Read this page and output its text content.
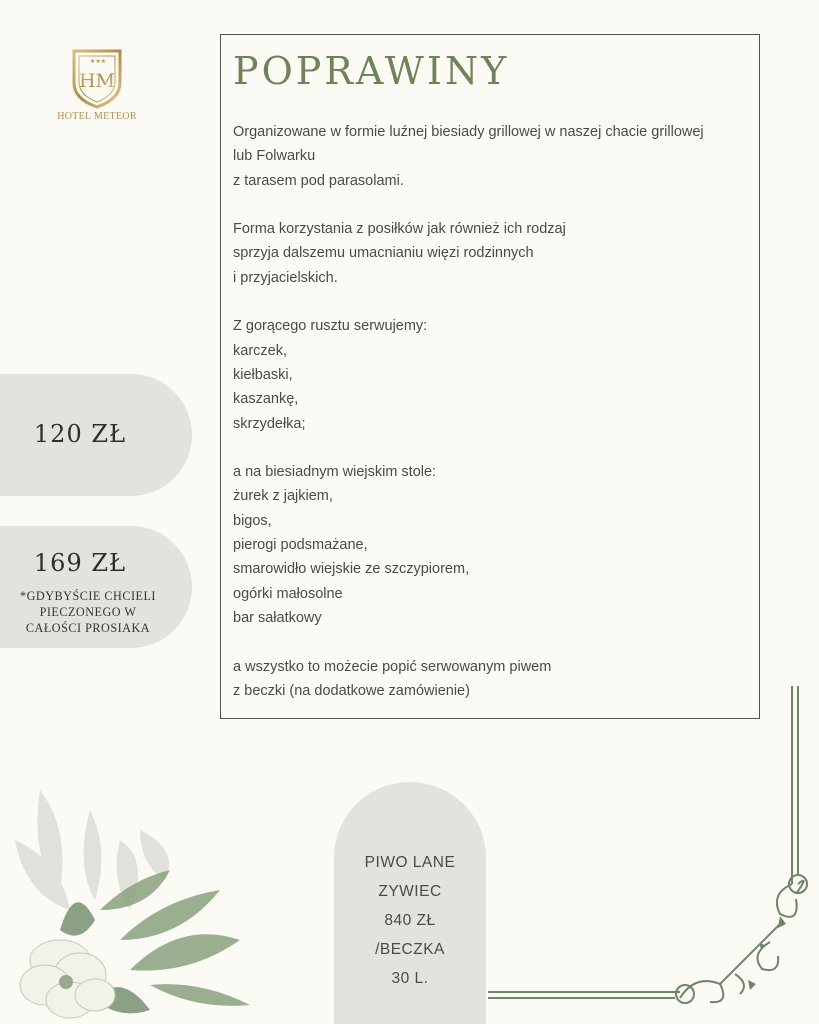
★★★
HM
HOTEL METEOR
POPRAWINY
Organizowane w formie luźnej biesiady grillowej w naszej chacie grillowej
lub Folwarku
z tarasem pod parasolami.
Forma korzystania z posiłków jak również ich rodzaj
sprzyja dalszemu umacnianiu więzi rodzinnych
i przyjacielskich.
Z gorącego rusztu serwujemy:
karczek,
kiełbaski,
kaszankę,
skrzydełka;
a na biesiadnym wiejskim stole:
żurek z jajkiem,
bigos,
pierogi podsmażane,
smarowidło wiejskie ze szczypiorem,
ogórki małosolne
bar sałatkowy
a wszystko to możecie popić serwowanym piwem
z beczki (na dodatkowe zamówienie)
120 ZŁ
169 ZŁ
*GDYBYŚCIE CHCIELI
PIECZONEGO W
CAŁOŚCI PROSIAKA
PIWO LANE
ZYWIEC
840 ZŁ
/BECZKA
30 L.
